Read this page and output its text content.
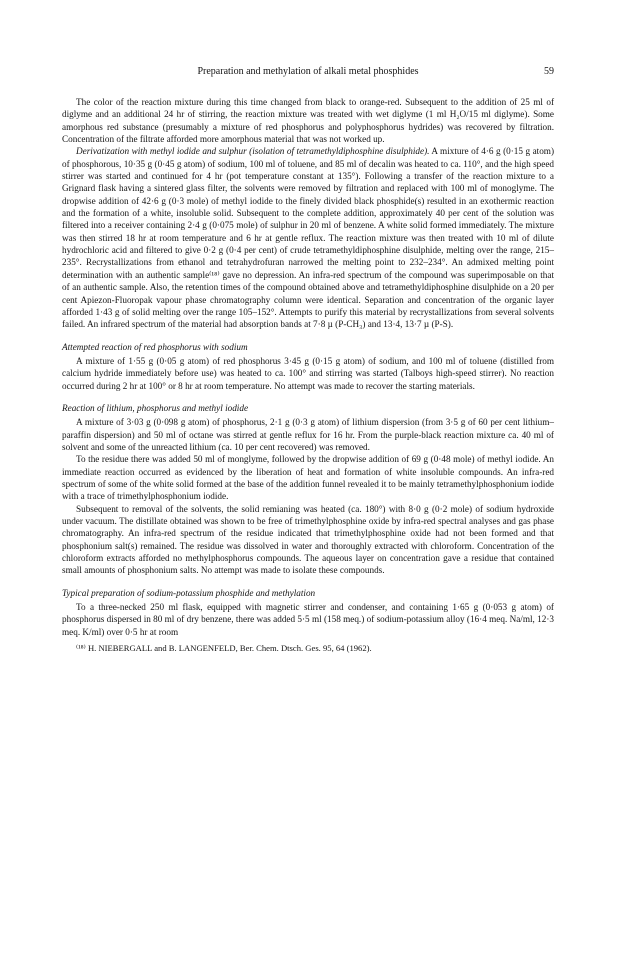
Preparation and methylation of alkali metal phosphides	59

The color of the reaction mixture during this time changed from black to orange-red. Subsequent to the addition of 25 ml of diglyme and an additional 24 hr of stirring, the reaction mixture was treated with wet diglyme (1 ml H₂O/15 ml diglyme). Some amorphous red substance (presumably a mixture of red phosphorus and polyphosphorus hydrides) was recovered by filtration. Concentration of the filtrate afforded more amorphous material that was not worked up.

Derivatization with methyl iodide and sulphur (isolation of tetramethyldiphosphine disulphide). A mixture of 4·6 g (0·15 g atom) of phosphorous, 10·35 g (0·45 g atom) of sodium, 100 ml of toluene, and 85 ml of decalin was heated to ca. 110°, and the high speed stirrer was started and continued for 4 hr (pot temperature constant at 135°). Following a transfer of the reaction mixture to a Grignard flask having a sintered glass filter, the solvents were removed by filtration and replaced with 100 ml of monoglyme. The dropwise addition of 42·6 g (0·3 mole) of methyl iodide to the finely divided black phosphide(s) resulted in an exothermic reaction and the formation of a white, insoluble solid. Subsequent to the complete addition, approximately 40 per cent of the solution was filtered into a receiver containing 2·4 g (0·075 mole) of sulphur in 20 ml of benzene. A white solid formed immediately. The mixture was then stirred 18 hr at room temperature and 6 hr at gentle reflux. The reaction mixture was then treated with 10 ml of dilute hydrochloric acid and filtered to give 0·2 g (0·4 per cent) of crude tetramethyldiphosphine disulphide, melting over the range, 215–235°. Recrystallizations from ethanol and tetrahydrofuran narrowed the melting point to 232–234°. An admixed melting point determination with an authentic sample⁽¹⁸⁾ gave no depression. An infra-red spectrum of the compound was superimposable on that of an authentic sample. Also, the retention times of the compound obtained above and tetramethyldiphosphine disulphide on a 20 per cent Apiezon-Fluoropak vapour phase chromatography column were identical. Separation and concentration of the organic layer afforded 1·43 g of solid melting over the range 105–152°. Attempts to purify this material by recrystallizations from several solvents failed. An infrared spectrum of the material had absorption bands at 7·8 µ (P-CH₃) and 13·4, 13·7 µ (P-S).

Attempted reaction of red phosphorus with sodium

A mixture of 1·55 g (0·05 g atom) of red phosphorus 3·45 g (0·15 g atom) of sodium, and 100 ml of toluene (distilled from calcium hydride immediately before use) was heated to ca. 100° and stirring was started (Talboys high-speed stirrer). No reaction occurred during 2 hr at 100° or 8 hr at room temperature. No attempt was made to recover the starting materials.

Reaction of lithium, phosphorus and methyl iodide

A mixture of 3·03 g (0·098 g atom) of phosphorus, 2·1 g (0·3 g atom) of lithium dispersion (from 3·5 g of 60 per cent lithium–paraffin dispersion) and 50 ml of octane was stirred at gentle reflux for 16 hr. From the purple-black reaction mixture ca. 40 ml of solvent and some of the unreacted lithium (ca. 10 per cent recovered) was removed.

To the residue there was added 50 ml of monglyme, followed by the dropwise addition of 69 g (0·48 mole) of methyl iodide. An immediate reaction occurred as evidenced by the liberation of heat and formation of white insoluble compounds. An infra-red spectrum of some of the white solid formed at the base of the addition funnel revealed it to be mainly tetramethylphosphonium iodide with a trace of trimethylphosphonium iodide.

Subsequent to removal of the solvents, the solid remianing was heated (ca. 180°) with 8·0 g (0·2 mole) of sodium hydroxide under vacuum. The distillate obtained was shown to be free of trimethylphosphine oxide by infra-red spectral analyses and gas phase chromatography. An infra-red spectrum of the residue indicated that trimethylphosphine oxide had not been formed and that phosphonium salt(s) remained. The residue was dissolved in water and thoroughly extracted with chloroform. Concentration of the chloroform extracts afforded no methylphosphorus compounds. The aqueous layer on concentration gave a residue that contained small amounts of phosphonium salts. No attempt was made to isolate these compounds.

Typical preparation of sodium-potassium phosphide and methylation

To a three-necked 250 ml flask, equipped with magnetic stirrer and condenser, and containing 1·65 g (0·053 g atom) of phosphorus dispersed in 80 ml of dry benzene, there was added 5·5 ml (158 meq.) of sodium-potassium alloy (16·4 meq. Na/ml, 12·3 meq. K/ml) over 0·5 hr at room

⁽¹⁸⁾ H. NIEBERGALL and B. LANGENFELD, Ber. Chem. Dtsch. Ges. 95, 64 (1962).
